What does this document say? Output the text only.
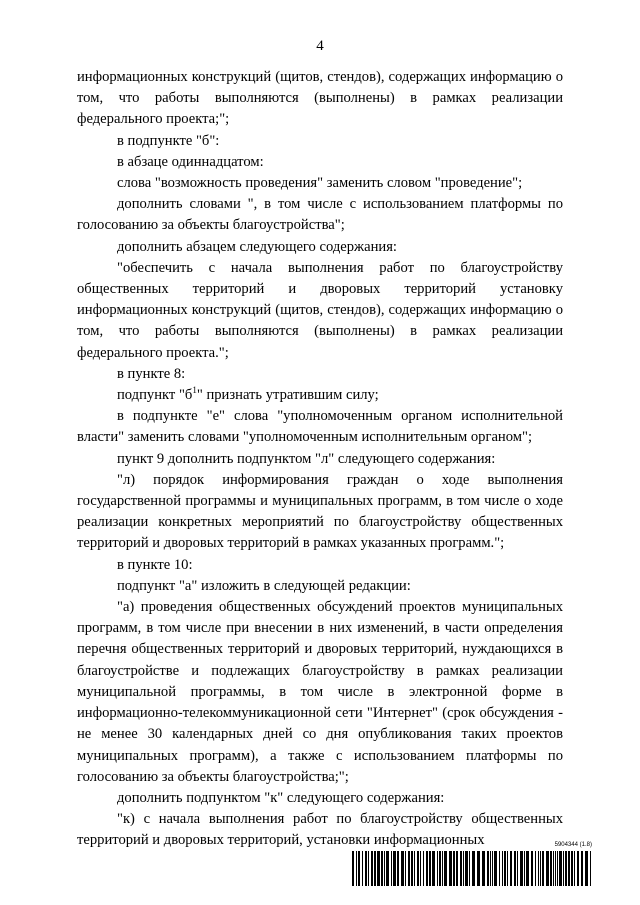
4

информационных конструкций (щитов, стендов), содержащих информацию о том, что работы выполняются (выполнены) в рамках реализации федерального проекта;";

в подпункте "б":

в абзаце одиннадцатом:

слова "возможность проведения" заменить словом "проведение";

дополнить словами ", в том числе с использованием платформы по голосованию за объекты благоустройства";

дополнить абзацем следующего содержания:

"обеспечить с начала выполнения работ по благоустройству общественных территорий и дворовых территорий установку информационных конструкций (щитов, стендов), содержащих информацию о том, что работы выполняются (выполнены) в рамках реализации федерального проекта.";

в пункте 8:

подпункт "$б^1$" признать утратившим силу;

в подпункте "е" слова "уполномоченным органом исполнительной власти" заменить словами "уполномоченным исполнительным органом";

пункт 9 дополнить подпунктом "л" следующего содержания:

"л) порядок информирования граждан о ходе выполнения государственной программы и муниципальных программ, в том числе о ходе реализации конкретных мероприятий по благоустройству общественных территорий и дворовых территорий в рамках указанных программ.";

в пункте 10:

подпункт "а" изложить в следующей редакции:

"а) проведения общественных обсуждений проектов муниципальных программ, в том числе при внесении в них изменений, в части определения перечня общественных территорий и дворовых территорий, нуждающихся в благоустройстве и подлежащих благоустройству в рамках реализации муниципальной программы, в том числе в электронной форме в информационно-телекоммуникационной сети "Интернет" (срок обсуждения - не менее 30 календарных дней со дня опубликования таких проектов муниципальных программ), а также с использованием платформы по голосованию за объекты благоустройства;";

дополнить подпунктом "к" следующего содержания:

"к) с начала выполнения работ по благоустройству общественных территорий и дворовых территорий, установки информационных	5904344 (1.8)
